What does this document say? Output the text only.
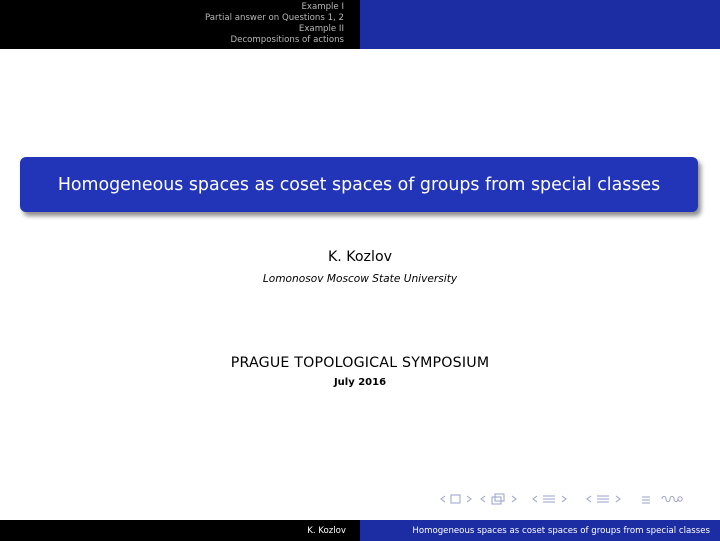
Example I
Partial answer on Questions 1, 2
Example II
Decompositions of actions
Homogeneous spaces as coset spaces of groups from special classes
K. Kozlov
Lomonosov Moscow State University
PRAGUE TOPOLOGICAL SYMPOSIUM
July 2016
K. Kozlov	Homogeneous spaces as coset spaces of groups from special classes
